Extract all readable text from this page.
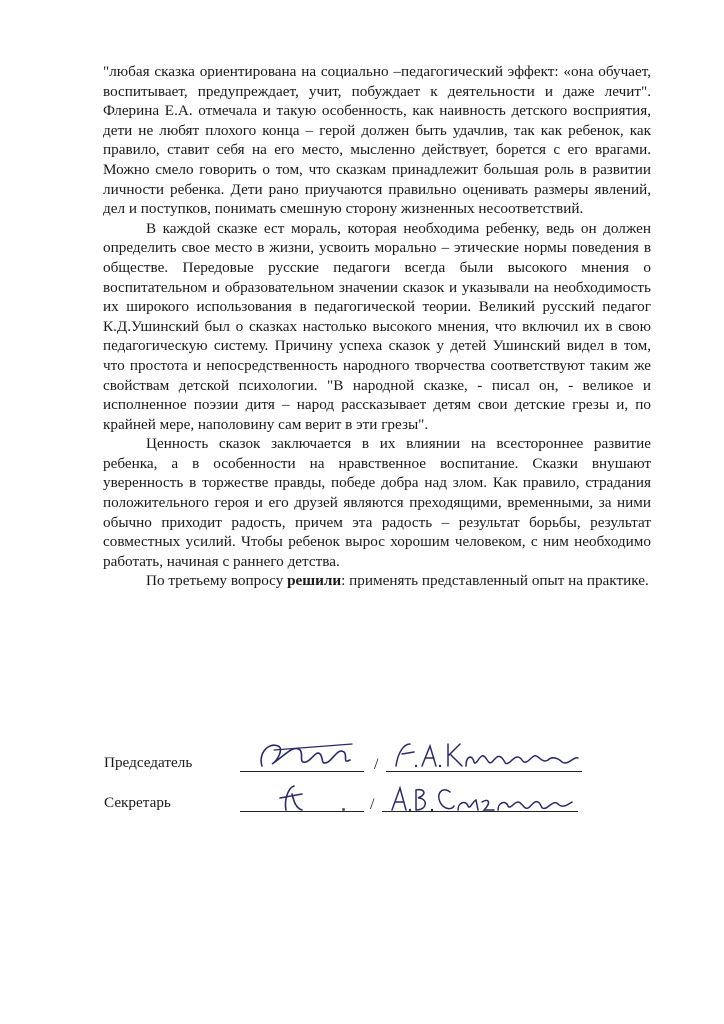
"любая сказка ориентирована на социально –педагогический эффект: «она обучает, воспитывает, предупреждает, учит, побуждает к деятельности и даже лечит". Флерина Е.А. отмечала и такую особенность, как наивность детского восприятия, дети не любят плохого конца – герой должен быть удачлив, так как ребенок, как правило, ставит себя на его место, мысленно действует, борется с его врагами. Можно смело говорить о том, что сказкам принадлежит большая роль в развитии личности ребенка. Дети рано приучаются правильно оценивать размеры явлений, дел и поступков, понимать смешную сторону жизненных несоответствий.

В каждой сказке ест мораль, которая необходима ребенку, ведь он должен определить свое место в жизни, усвоить морально – этические нормы поведения в обществе. Передовые русские педагоги всегда были высокого мнения о воспитательном и образовательном значении сказок и указывали на необходимость их широкого использования в педагогической теории. Великий русский педагог К.Д.Ушинский был о сказках настолько высокого мнения, что включил их в свою педагогическую систему. Причину успеха сказок у детей Ушинский видел в том, что простота и непосредственность народного творчества соответствуют таким же свойствам детской психологии. "В народной сказке, - писал он, - великое и исполненное поэзии дитя – народ рассказывает детям свои детские грезы и, по крайней мере, наполовину сам верит в эти грезы".

Ценность сказок заключается в их влиянии на всестороннее развитие ребенка, а в особенности на нравственное воспитание. Сказки внушают уверенность в торжестве правды, победе добра над злом. Как правило, страдания положительного героя и его друзей являются преходящими, временными, за ними обычно приходит радость, причем эта радость – результат борьбы, результат совместных усилий. Чтобы ребенок вырос хорошим человеком, с ним необходимо работать, начиная с раннего детства.

По третьему вопросу решили: применять представленный опыт на практике.

Председатель	/
Секретарь	/
